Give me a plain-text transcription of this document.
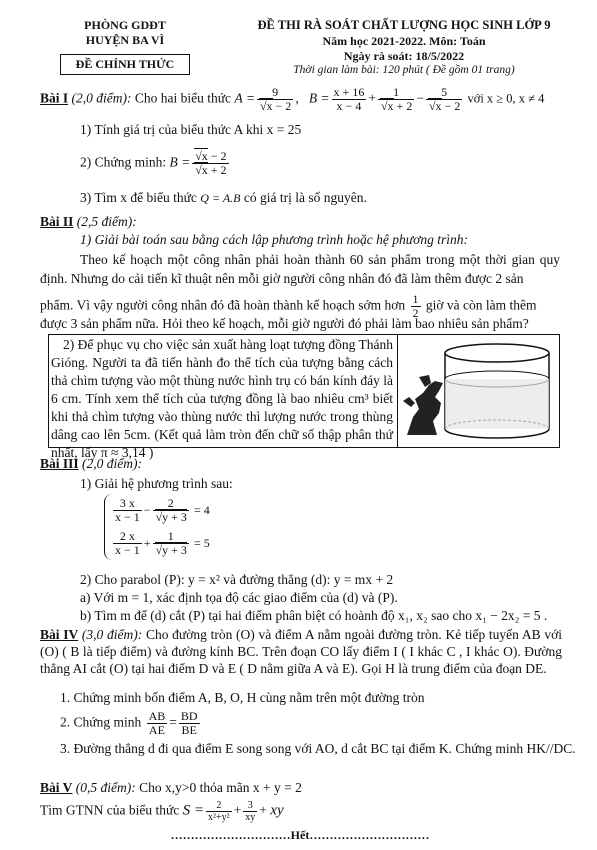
PHÒNG GDĐT
HUYỆN BA VÌ
ĐỀ CHÍNH THỨC
ĐỀ THI RÀ SOÁT CHẤT LƯỢNG HỌC SINH LỚP 9
Năm học 2021-2022. Môn: Toán
Ngày rà soát: 18/5/2022
Thời gian làm bài: 120 phút ( Đề gồm 01 trang)
Bài I (2,0 điểm): Cho hai biểu thức A = 9
√ x − 2 ,   $B = \frac{x + 16}{x - 4} + 1$
√ x + 2 − 5
√ x − 2 với x ≥ 0, x ≠ 4
1) Tính giá trị của biểu thức A khi x = 25
2) Chứng minh: B =
√ x − 2
√ x + 2
3) Tìm x để biểu thức Q = A.B có giá trị là số nguyên.
Bài II (2,5 điểm):
1) Giải bài toán sau bằng cách lập phương trình hoặc hệ phương trình:
Theo kế hoạch một công nhân phải hoàn thành 60 sản phẩm trong một thời gian quy định. Nhưng do cải tiến kĩ thuật nên mỗi giờ người công nhân đó đã làm thêm được 2 sản
phẩm. Vì vậy người công nhân đó đã hoàn thành kế hoạch sớm hơn $\frac{1}{2}$ giờ và còn làm thêm
được 3 sản phẩm nữa. Hỏi theo kế hoạch, mỗi giờ người đó phải làm bao nhiêu sản phẩm?
2) Để phục vụ cho việc sản xuất hàng loạt tượng đồng Thánh Gióng. Người ta đã tiến hành đo thể tích của tượng bằng cách thả chìm tượng vào một thùng nước hình trụ có bán kính đáy là 6 cm. Tính xem thể tích của tượng đồng là bao nhiêu cm³ biết khi thả chìm tượng vào thùng nước thì lượng nước trong thùng dâng cao lên 5cm. (Kết quả làm tròn đến chữ số thập phân thứ nhất, lấy π ≈ 3,14 )
Bài III (2,0 điểm):
1) Giải hệ phương trình sau:
$\frac{3 x}{x - 1} - 2$
√ y + 3
= 4
$\frac{2 x}{x - 1} + 1$
√ y + 3
= 5
2) Cho parabol (P): y = x² và đường thẳng (d): y = mx + 2
a) Với m = 1, xác định tọa độ các giao điểm của (d) và (P).
b) Tìm m để (d) cắt (P) tại hai điểm phân biệt có hoành độ x₁, x₂ sao cho x₁ − 2x₂ = 5 .
Bài IV (3,0 điểm): Cho đường tròn (O) và điểm A nằm ngoài đường tròn. Kẻ tiếp tuyến AB với (O) ( B là tiếp điểm) và đường kính BC. Trên đoạn CO lấy điểm I ( I khác C , I khác O). Đường thẳng AI cắt (O) tại hai điểm D và E ( D nằm giữa A và E). Gọi H là trung điểm của đoạn DE.
1. Chứng minh bốn điểm A, B, O, H cùng nằm trên một đường tròn
2. Chứng minh $\frac{AB}{AE} = \frac{BD}{BE}$
3. Đường thẳng d đi qua điểm E song song với AO, d cắt BC tại điểm K. Chứng minh HK//DC.
Bài V (0,5 điểm): Cho x,y>0 thỏa mãn x + y = 2
Tìm GTNN của biểu thức $S = \frac{2}{\text{x²+y²}} + \frac{3}{xy}$ + xy
…………………………Hết…………………………
